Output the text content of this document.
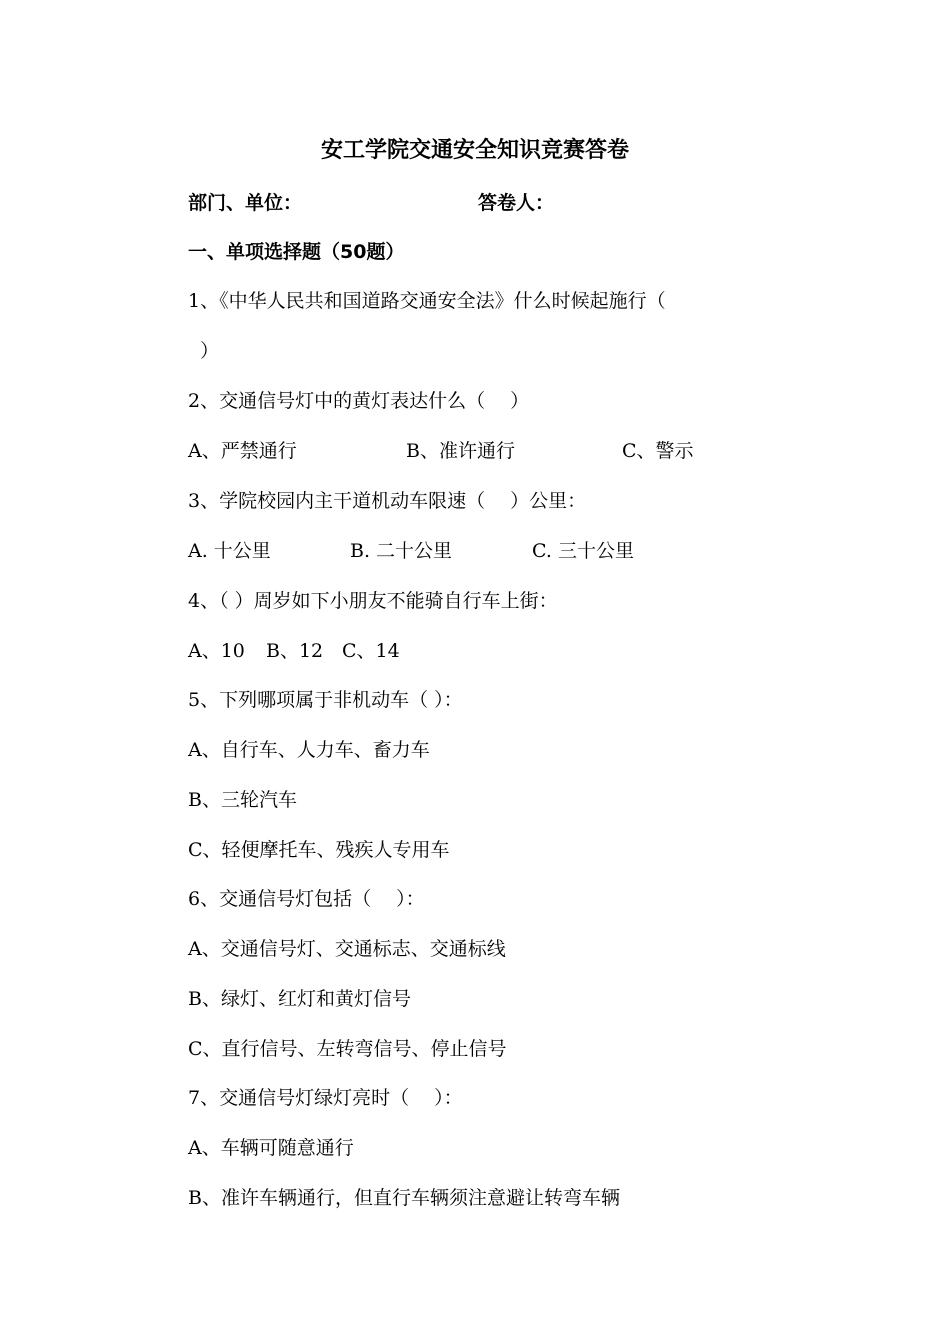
安工学院交通安全知识竞赛答卷
部门、单位：	答卷人：
一、单项选择题（50题）
1、《中华人民共和国道路交通安全法》什么时候起施行（
）
2、交通信号灯中的黄灯表达什么（　 ）
A、严禁通行	B、准许通行	C、警示
3、学院校园内主干道机动车限速（　 ）公里：
A. 十公里	B. 二十公里	C. 三十公里
4、（ ）周岁如下小朋友不能骑自行车上街：
A、10 B、12 C、14
5、下列哪项属于非机动车（ ）：
A、自行车、人力车、畜力车
B、三轮汽车
C、轻便摩托车、残疾人专用车
6、交通信号灯包括（　 ）：
A、交通信号灯、交通标志、交通标线
B、绿灯、红灯和黄灯信号
C、直行信号、左转弯信号、停止信号
7、交通信号灯绿灯亮时（　 ）：
A、车辆可随意通行
B、准许车辆通行，但直行车辆须注意避让转弯车辆
